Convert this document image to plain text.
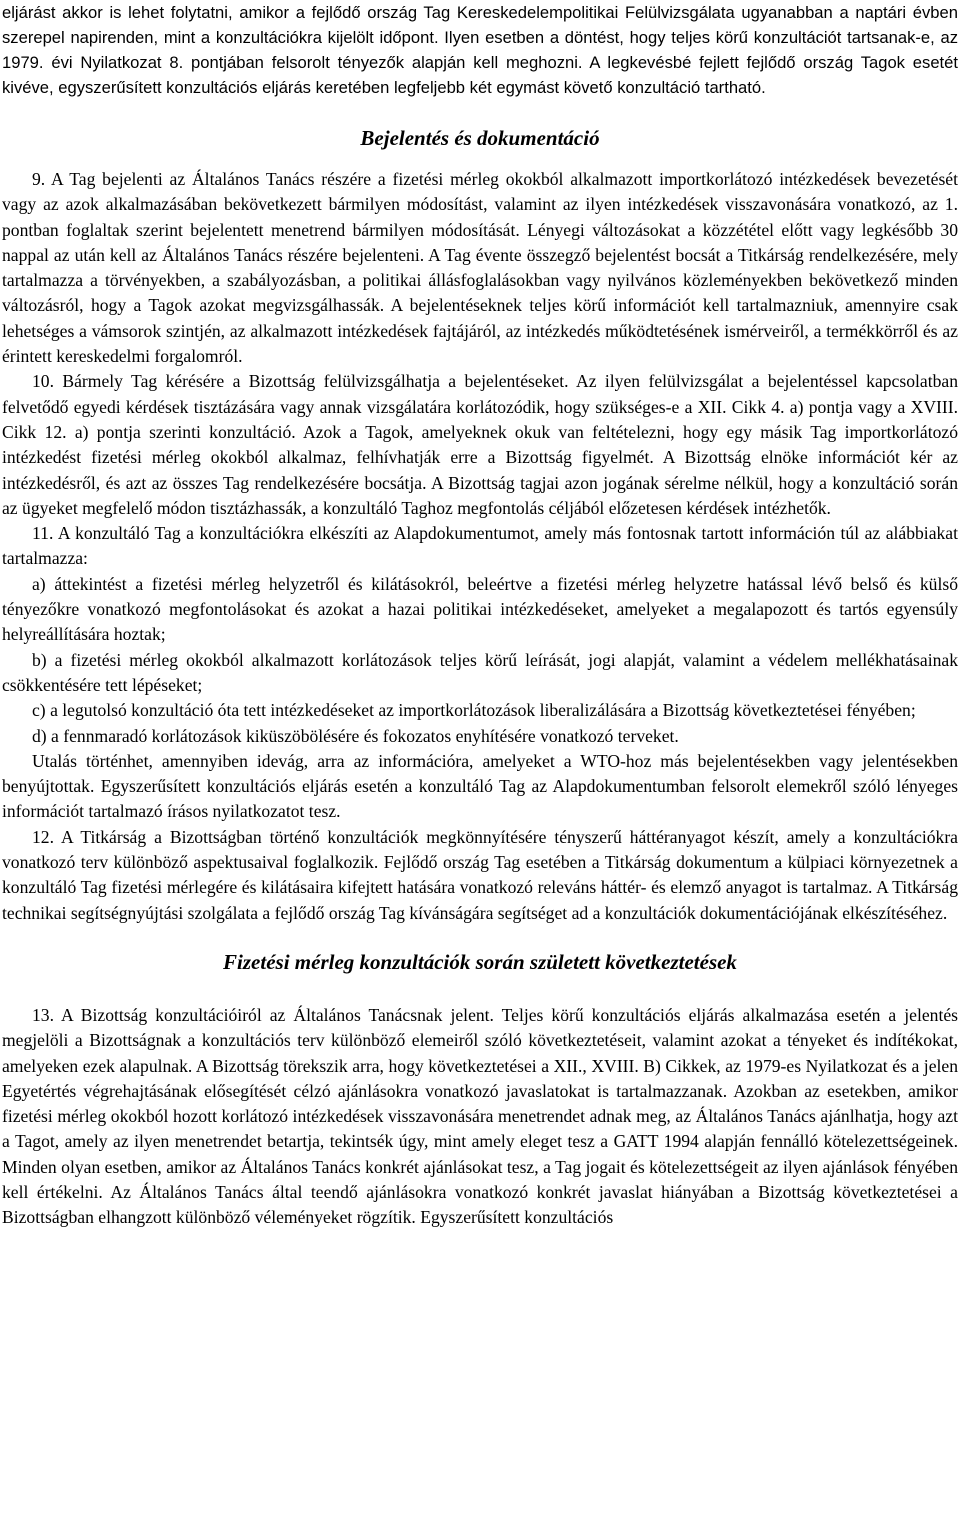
eljárást akkor is lehet folytatni, amikor a fejlődő ország Tag Kereskedelempolitikai Felülvizsgálata ugyanabban a naptári évben szerepel napirenden, mint a konzultációkra kijelölt időpont. Ilyen esetben a döntést, hogy teljes körű konzultációt tartsanak-e, az 1979. évi Nyilatkozat 8. pontjában felsorolt tényezők alapján kell meghozni. A legkevésbé fejlett fejlődő ország Tagok esetét kivéve, egyszerűsített konzultációs eljárás keretében legfeljebb két egymást követő konzultáció tartható.

Bejelentés és dokumentáció

9. A Tag bejelenti az Általános Tanács részére a fizetési mérleg okokból alkalmazott importkorlátozó intézkedések bevezetését vagy az azok alkalmazásában bekövetkezett bármilyen módosítást, valamint az ilyen intézkedések visszavonására vonatkozó, az 1. pontban foglaltak szerint bejelentett menetrend bármilyen módosítását. Lényegi változásokat a közzététel előtt vagy legkésőbb 30 nappal az után kell az Általános Tanács részére bejelenteni. A Tag évente összegző bejelentést bocsát a Titkárság rendelkezésére, mely tartalmazza a törvényekben, a szabályozásban, a politikai állásfoglalásokban vagy nyilvános közleményekben bekövetkező minden változásról, hogy a Tagok azokat megvizsgálhassák. A bejelentéseknek teljes körű információt kell tartalmazniuk, amennyire csak lehetséges a vámsorok szintjén, az alkalmazott intézkedések fajtájáról, az intézkedés működtetésének ismérveiről, a termékkörről és az érintett kereskedelmi forgalomról.

10. Bármely Tag kérésére a Bizottság felülvizsgálhatja a bejelentéseket. Az ilyen felülvizsgálat a bejelentéssel kapcsolatban felvetődő egyedi kérdések tisztázására vagy annak vizsgálatára korlátozódik, hogy szükséges-e a XII. Cikk 4. a) pontja vagy a XVIII. Cikk 12. a) pontja szerinti konzultáció. Azok a Tagok, amelyeknek okuk van feltételezni, hogy egy másik Tag importkorlátozó intézkedést fizetési mérleg okokból alkalmaz, felhívhatják erre a Bizottság figyelmét. A Bizottság elnöke információt kér az intézkedésről, és azt az összes Tag rendelkezésére bocsátja. A Bizottság tagjai azon jogának sérelme nélkül, hogy a konzultáció során az ügyeket megfelelő módon tisztázhassák, a konzultáló Taghoz megfontolás céljából előzetesen kérdések intézhetők.

11. A konzultáló Tag a konzultációkra elkészíti az Alapdokumentumot, amely más fontosnak tartott információn túl az alábbiakat tartalmazza:

a) áttekintést a fizetési mérleg helyzetről és kilátásokról, beleértve a fizetési mérleg helyzetre hatással lévő belső és külső tényezőkre vonatkozó megfontolásokat és azokat a hazai politikai intézkedéseket, amelyeket a megalapozott és tartós egyensúly helyreállítására hoztak;

b) a fizetési mérleg okokból alkalmazott korlátozások teljes körű leírását, jogi alapját, valamint a védelem mellékhatásainak csökkentésére tett lépéseket;

c) a legutolsó konzultáció óta tett intézkedéseket az importkorlátozások liberalizálására a Bizottság következtetései fényében;

d) a fennmaradó korlátozások kiküszöbölésére és fokozatos enyhítésére vonatkozó terveket.

Utalás történhet, amennyiben idevág, arra az információra, amelyeket a WTO-hoz más bejelentésekben vagy jelentésekben benyújtottak. Egyszerűsített konzultációs eljárás esetén a konzultáló Tag az Alapdokumentumban felsorolt elemekről szóló lényeges információt tartalmazó írásos nyilatkozatot tesz.

12. A Titkárság a Bizottságban történő konzultációk megkönnyítésére tényszerű háttéranyagot készít, amely a konzultációkra vonatkozó terv különböző aspektusaival foglalkozik. Fejlődő ország Tag esetében a Titkárság dokumentum a külpiaci környezetnek a konzultáló Tag fizetési mérlegére és kilátásaira kifejtett hatására vonatkozó releváns háttér- és elemző anyagot is tartalmaz. A Titkárság technikai segítségnyújtási szolgálata a fejlődő ország Tag kívánságára segítséget ad a konzultációk dokumentációjának elkészítéséhez.

Fizetési mérleg konzultációk során született következtetések

13. A Bizottság konzultációiról az Általános Tanácsnak jelent. Teljes körű konzultációs eljárás alkalmazása esetén a jelentés megjelöli a Bizottságnak a konzultációs terv különböző elemeiről szóló következtetéseit, valamint azokat a tényeket és indítékokat, amelyeken ezek alapulnak. A Bizottság törekszik arra, hogy következtetései a XII., XVIII. B) Cikkek, az 1979-es Nyilatkozat és a jelen Egyetértés végrehajtásának elősegítését célzó ajánlásokra vonatkozó javaslatokat is tartalmazzanak. Azokban az esetekben, amikor fizetési mérleg okokból hozott korlátozó intézkedések visszavonására menetrendet adnak meg, az Általános Tanács ajánlhatja, hogy azt a Tagot, amely az ilyen menetrendet betartja, tekintsék úgy, mint amely eleget tesz a GATT 1994 alapján fennálló kötelezettségeinek. Minden olyan esetben, amikor az Általános Tanács konkrét ajánlásokat tesz, a Tag jogait és kötelezettségeit az ilyen ajánlások fényében kell értékelni. Az Általános Tanács által teendő ajánlásokra vonatkozó konkrét javaslat hiányában a Bizottság következtetései a Bizottságban elhangzott különböző véleményeket rögzítik. Egyszerűsített konzultációs
